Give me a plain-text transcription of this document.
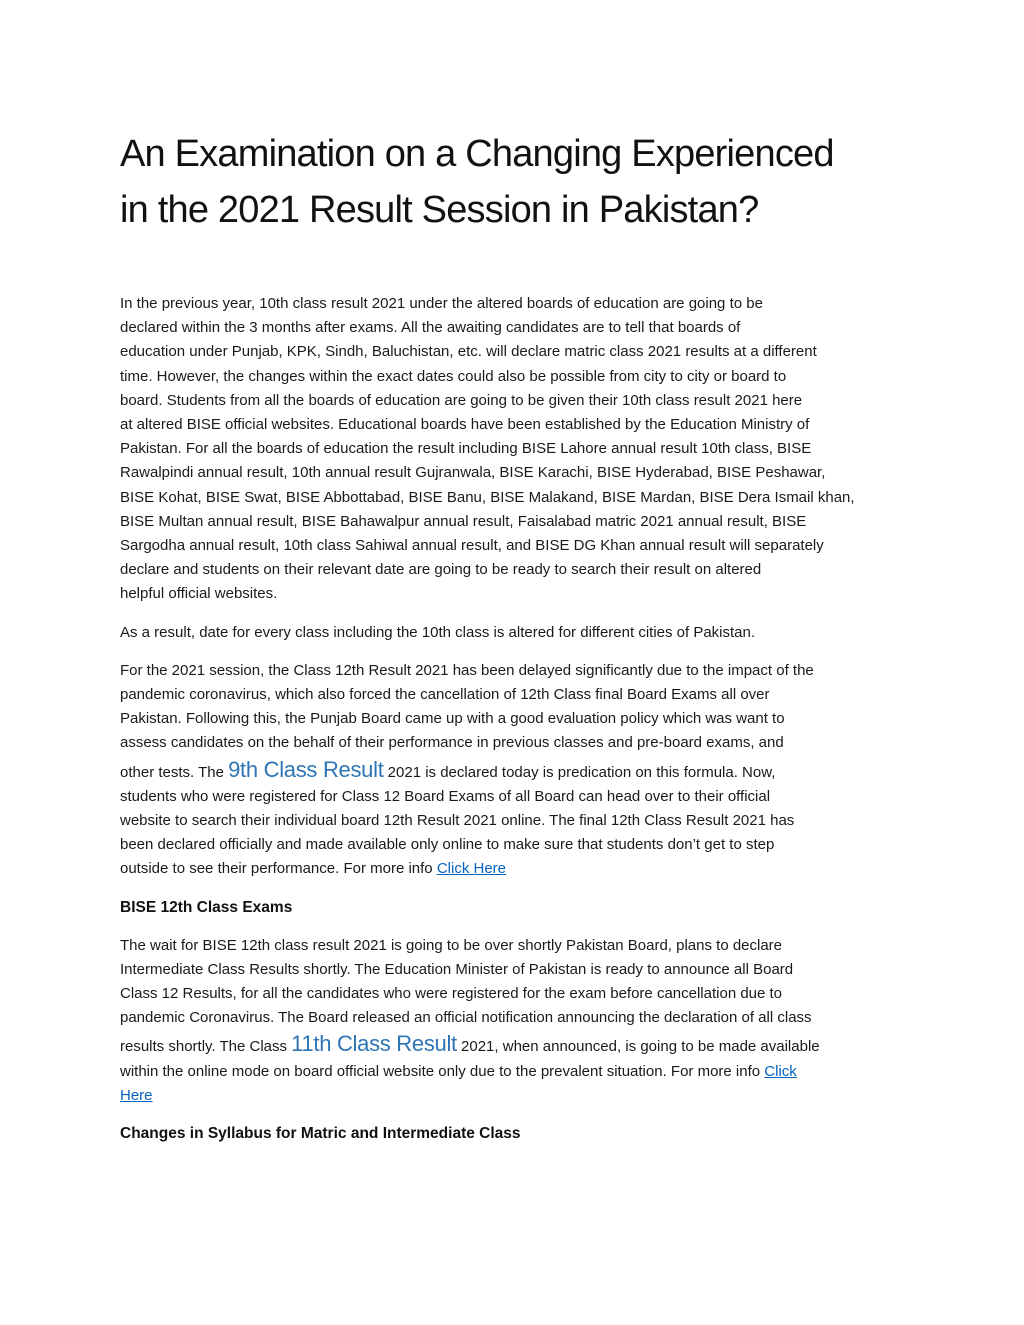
An Examination on a Changing Experienced
in the 2021 Result Session in Pakistan?

In the previous year, 10th class result 2021 under the altered boards of education are going to be
declared within the 3 months after exams. All the awaiting candidates are to tell that boards of
education under Punjab, KPK, Sindh, Baluchistan, etc. will declare matric class 2021 results at a different
time. However, the changes within the exact dates could also be possible from city to city or board to
board. Students from all the boards of education are going to be given their 10th class result 2021 here
at altered BISE official websites. Educational boards have been established by the Education Ministry of
Pakistan. For all the boards of education the result including BISE Lahore annual result 10th class, BISE
Rawalpindi annual result, 10th annual result Gujranwala, BISE Karachi, BISE Hyderabad, BISE Peshawar,
BISE Kohat, BISE Swat, BISE Abbottabad, BISE Banu, BISE Malakand, BISE Mardan, BISE Dera Ismail khan,
BISE Multan annual result, BISE Bahawalpur annual result, Faisalabad matric 2021 annual result, BISE
Sargodha annual result, 10th class Sahiwal annual result, and BISE DG Khan annual result will separately
declare and students on their relevant date are going to be ready to search their result on altered
helpful official websites.

As a result, date for every class including the 10th class is altered for different cities of Pakistan.

For the 2021 session, the Class 12th Result 2021 has been delayed significantly due to the impact of the
pandemic coronavirus, which also forced the cancellation of 12th Class final Board Exams all over
Pakistan. Following this, the Punjab Board came up with a good evaluation policy which was want to
assess candidates on the behalf of their performance in previous classes and pre-board exams, and
other tests. The 9th Class Result 2021 is declared today is predication on this formula. Now,
students who were registered for Class 12 Board Exams of all Board can head over to their official
website to search their individual board 12th Result 2021 online. The final 12th Class Result 2021 has
been declared officially and made available only online to make sure that students don’t get to step
outside to see their performance. For more info Click Here

BISE 12th Class Exams

The wait for BISE 12th class result 2021 is going to be over shortly Pakistan Board, plans to declare
Intermediate Class Results shortly. The Education Minister of Pakistan is ready to announce all Board
Class 12 Results, for all the candidates who were registered for the exam before cancellation due to
pandemic Coronavirus. The Board released an official notification announcing the declaration of all class
results shortly. The Class 11th Class Result 2021, when announced, is going to be made available
within the online mode on board official website only due to the prevalent situation. For more info Click
Here

Changes in Syllabus for Matric and Intermediate Class
